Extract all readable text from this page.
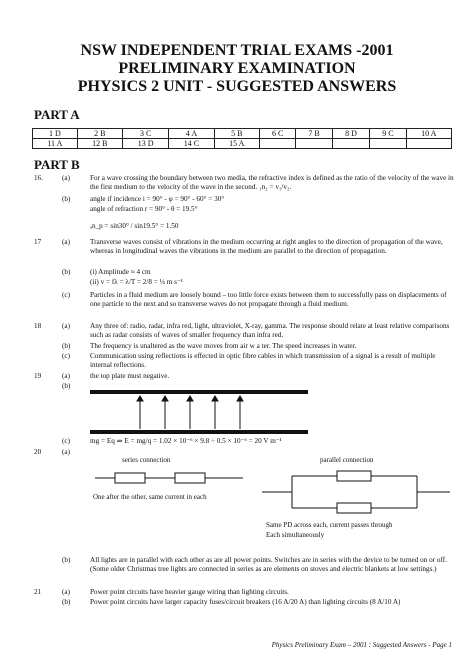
NSW INDEPENDENT TRIAL EXAMS -2001
PRELIMINARY EXAMINATION
PHYSICS 2 UNIT - SUGGESTED ANSWERS
PART A
1 D	2 B	3 C	4 A	5 B	6 C	7 B	8 D	9 C	10 A
11 A	12 B	13 D	14 C	15 A					
PART B
16.	(a)	For a wave crossing the boundary between two media, the refractive index is defined as the ratio of the velocity of the wave in the first medium to the velocity of the wave in the second. ₁n₂ = v₁/v₂.
(b)	angle if incidence i = 90° - φ = 90° - 60° = 30°
angle of refraction r = 90° - θ = 19.5°
ₐn_p = sin30° / sin19.5° = 1.50
17	(a)	Transverse waves consist of vibrations in the medium occurring at right angles to the direction of propagation of the wave, whereas in longitudinal waves the vibrations in the medium are parallel to the direction of propagation.
(b)	(i) Amplitude ≈ 4 cm
(ii) v = fλ = λ/T = 2/8 = ¼ m s⁻¹
(c)	Particles in a fluid medium are loosely bound – too little force exists between them to successfully pass on displacements of one particle to the next and so transverse waves do not propagate through a fluid medium.
18	(a)	Any three of: radio, radar, infra red, light, ultraviolet, X-ray, gamma. The response should relate at least relative comparisons such as radar consists of waves of smaller frequency than infra red.
(b)	The frequency is unaltered as the wave moves from air w a ter. The speed increases in water.
(c)	Communication using reflections is effected in optic fibre cables in which transmission of a signal is a result of multiple internal reflections.
19	(a)	the top plate must negative.
(b)
(c)	mg = Eq ⇒ E = mg/q = 1.02 × 10⁻⁶ × 9.8 ÷ 0.5 × 10⁻⁶ = 20 V m⁻¹
20	(a)
series connection	parallel connection
One after the other, same current in each
Same PD across each, current passes through
Each simultaneously
(b)	All lights are in parallel with each other as are all power points. Switches are in series with the device to be turned on or off. (Some older Christmas tree lights are connected in series as are elements on stoves and electric blankets at low settings.)
21	(a)	Power point circuits have heavier gauge wiring than lighting circuits.
(b)	Power point circuits have larger capacity fuses/circuit breakers (16 A/20 A) than lighting circuits (8 A/10 A)
Physics Preliminary Exam – 2001 : Suggested Answers - Page 1
